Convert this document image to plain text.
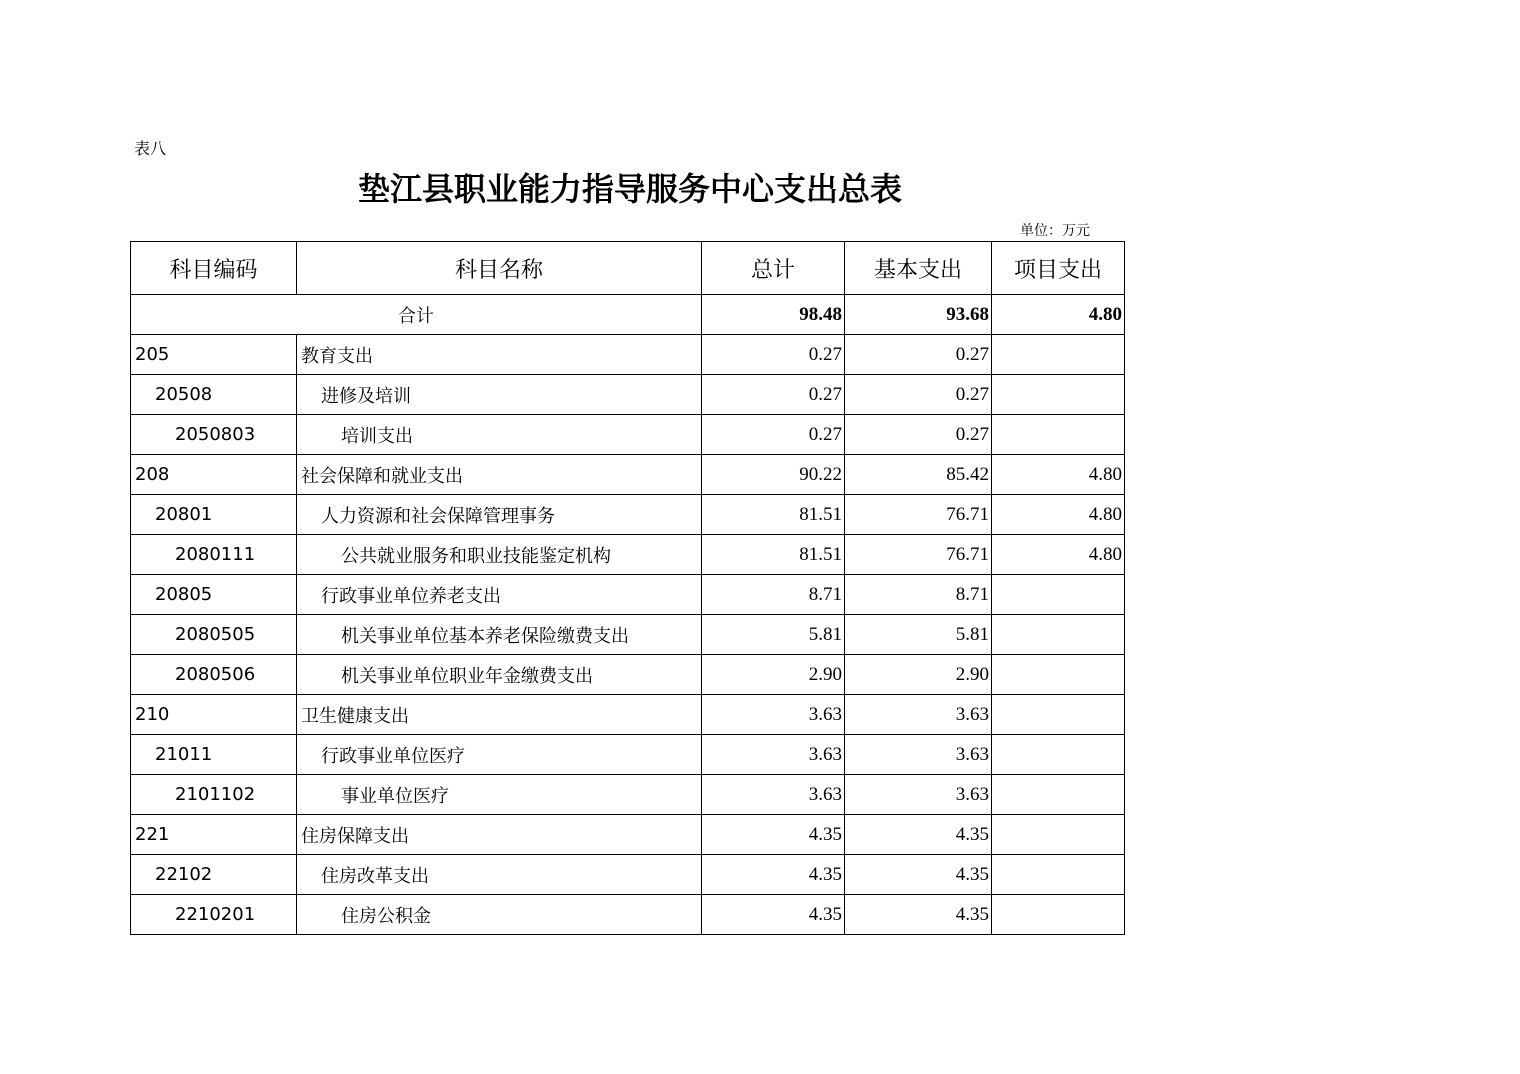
表八
垫江县职业能力指导服务中心支出总表
单位：万元
科目编码	科目名称	总计	基本支出	项目支出
合计		98.48	93.68	4.80
205	教育支出	0.27	0.27	
20508	进修及培训	0.27	0.27	
2050803	培训支出	0.27	0.27	
208	社会保障和就业支出	90.22	85.42	4.80
20801	人力资源和社会保障管理事务	81.51	76.71	4.80
2080111	公共就业服务和职业技能鉴定机构	81.51	76.71	4.80
20805	行政事业单位养老支出	8.71	8.71	
2080505	机关事业单位基本养老保险缴费支出	5.81	5.81	
2080506	机关事业单位职业年金缴费支出	2.90	2.90	
210	卫生健康支出	3.63	3.63	
21011	行政事业单位医疗	3.63	3.63	
2101102	事业单位医疗	3.63	3.63	
221	住房保障支出	4.35	4.35	
22102	住房改革支出	4.35	4.35	
2210201	住房公积金	4.35	4.35	
